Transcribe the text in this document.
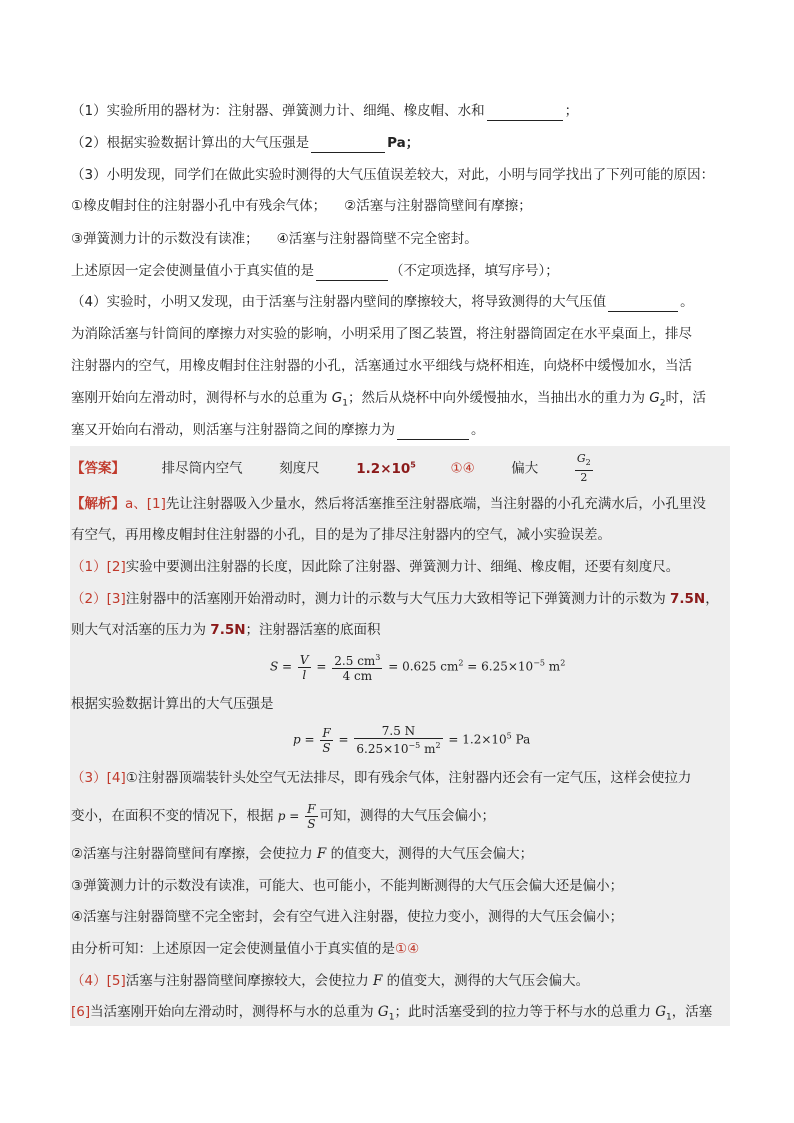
（1）实验所用的器材为：注射器、弹簧测力计、细绳、橡皮帽、水和	；
（2）根据实验数据计算出的大气压强是	Pa；
（3）小明发现，同学们在做此实验时测得的大气压值误差较大，对此，小明与同学找出了下列可能的原因：
①橡皮帽封住的注射器小孔中有残余气体； ②活塞与注射器筒壁间有摩擦；
③弹簧测力计的示数没有读准； ④活塞与注射器筒壁不完全密封。
上述原因一定会使测量值小于真实值的是	（不定项选择，填写序号）；
（4）实验时，小明又发现，由于活塞与注射器内壁间的摩擦较大，将导致测得的大气压值	。
为消除活塞与针筒间的摩擦力对实验的影响，小明采用了图乙装置，将注射器筒固定在水平桌面上，排尽
注射器内的空气，用橡皮帽封住注射器的小孔，活塞通过水平细线与烧杯相连，向烧杯中缓慢加水，当活
塞刚开始向左滑动时，测得杯与水的总重为 $G_1$；然后从烧杯中向外缓慢抽水，当抽出水的重力为 $G_2$时，活
塞又开始向右滑动，则活塞与注射器筒之间的摩擦力为	。
【答案】	排尽筒内空气	刻度尺	$1.2\times 10^5$	①④	偏大	$\frac{G_2}{2}$
【解析】a、[1]先让注射器吸入少量水，然后将活塞推至注射器底端，当注射器的小孔充满水后，小孔里没
有空气，再用橡皮帽封住注射器的小孔，目的是为了排尽注射器内的空气，减小实验误差。
（1）[2]实验中要测出注射器的长度，因此除了注射器、弹簧测力计、细绳、橡皮帽，还要有刻度尺。
（2）[3]注射器中的活塞刚开始滑动时，测力计的示数与大气压力大致相等记下弹簧测力计的示数为 7.5N，
则大气对活塞的压力为 7.5N；注射器活塞的底面积
$S = \frac{V}{l} = \frac{2.5 cm^3}{4 cm} = 0.625$ $cm^2 = 6.25\times 10^{-5}$ $m^2$
根据实验数据计算出的大气压强是
$p = \frac{F}{S} = \frac{7.5 N}{6.25\times 10^{-5} m^2} = 1.2\times 10^5$ Pa
（3）[4]①注射器顶端装针头处空气无法排尽，即有残余气体，注射器内还会有一定气压，这样会使拉力
变小，在面积不变的情况下，根据 $p = \frac{F}{S}$ 可知，测得的大气压会偏小；
②活塞与注射器筒壁间有摩擦，会使拉力 F 的值变大，测得的大气压会偏大；
③弹簧测力计的示数没有读准，可能大、也可能小，不能判断测得的大气压会偏大还是偏小；
④活塞与注射器筒壁不完全密封，会有空气进入注射器，使拉力变小，测得的大气压会偏小；
由分析可知：上述原因一定会使测量值小于真实值的是①④
（4）[5]活塞与注射器筒壁间摩擦较大，会使拉力 F 的值变大，测得的大气压会偏大。
[6]当活塞刚开始向左滑动时，测得杯与水的总重为 $G_1$；此时活塞受到的拉力等于杯与水的总重力 $G_1$，活塞
